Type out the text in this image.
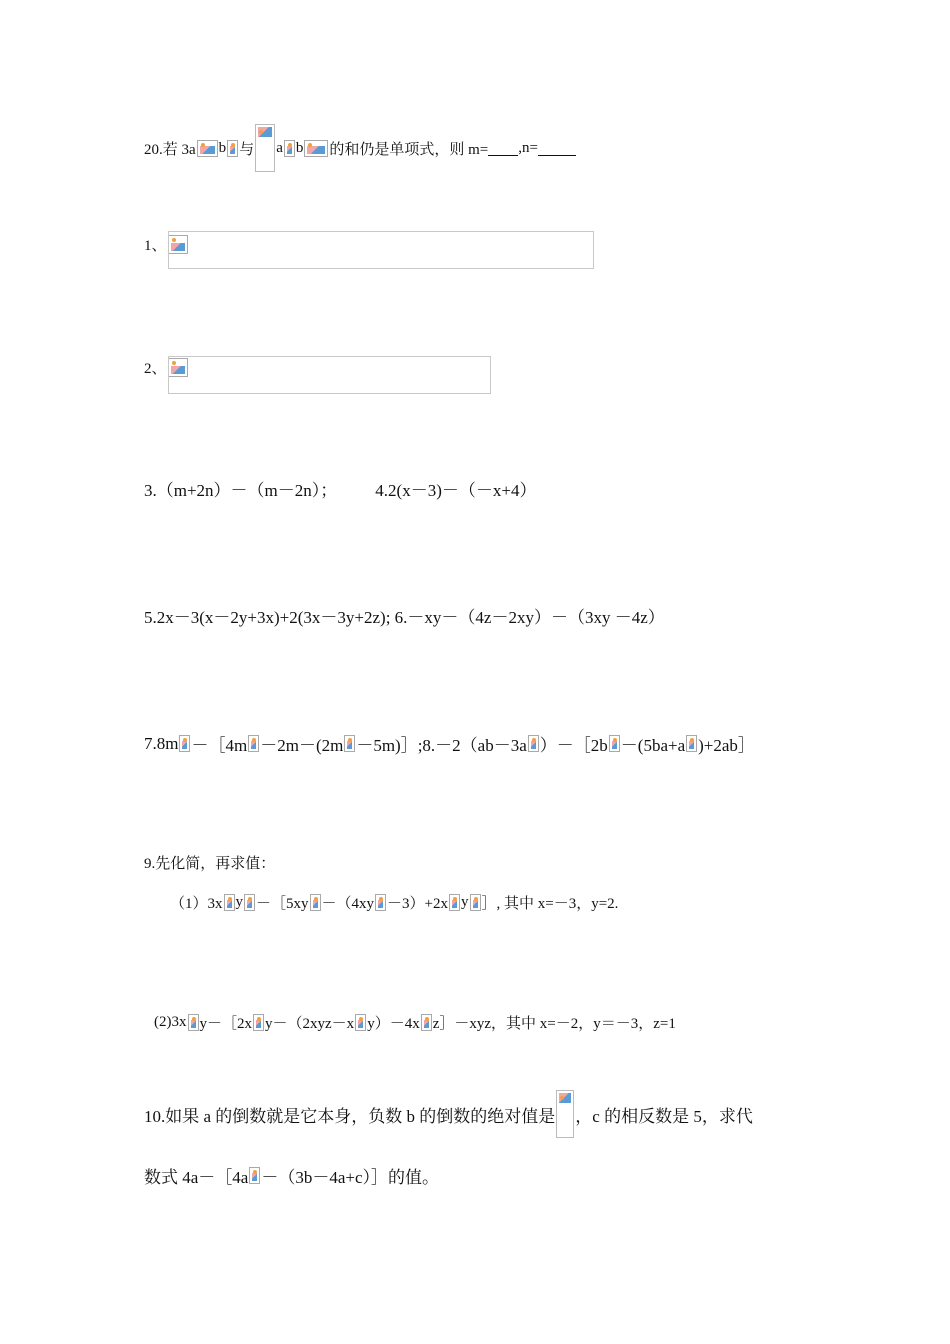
20.若 3a b 与 a b 的和仍是单项式，则 m= ,n=
1、
2、
3.（m+2n）－（m－2n）； 4.2(x－3)－（－x+4）
5.2x－3(x－2y+3x)+2(3x－3y+2z); 6.－xy－（4z－2xy）－（3xy －4z）
7.8m －［4m －2m－(2m －5m)］;8.－2（ab－3a ）－［2b －(5ba+a )+2ab］
9.先化简，再求值：
（1）3x y －［5xy －（4xy －3）+2x y ］, 其中 x=－3，y=2.
(2)3x y－［2x y－（2xyz－x y）－4x z］－xyz，其中 x=－2，y＝－3，z=1
10.如果 a 的倒数就是它本身，负数 b 的倒数的绝对值是 ，c 的相反数是 5，求代
数式 4a－［4a －（3b－4a+c）］的值。
